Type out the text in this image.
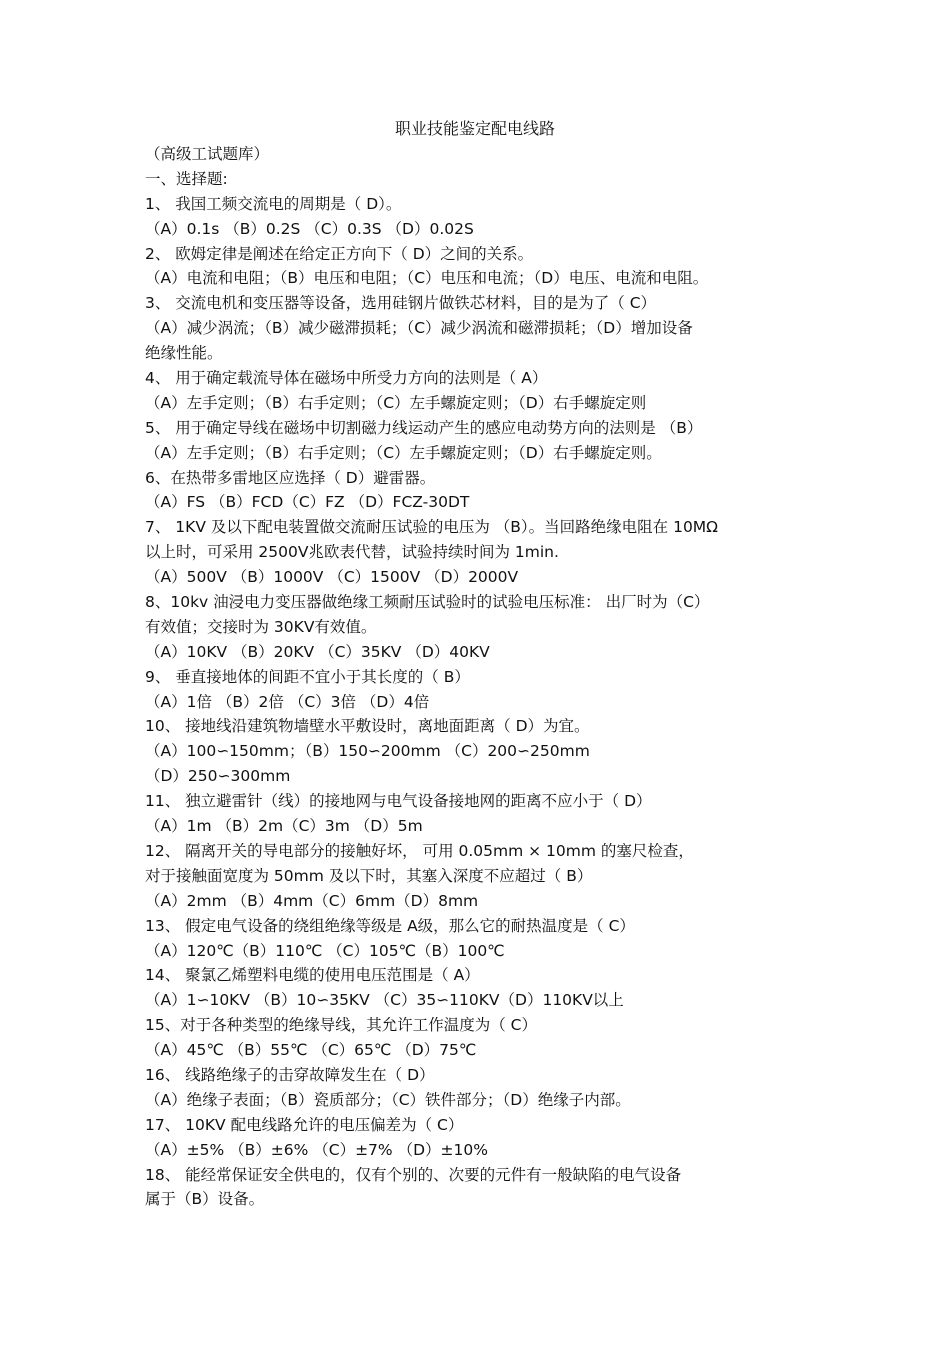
职业技能鉴定配电线路
（高级工试题库）
一、选择题:
1、 我国工频交流电的周期是（ D）。
（A）0.1s （B）0.2S （C）0.3S （D）0.02S
2、 欧姆定律是阐述在给定正方向下（ D）之间的关系。
（A）电流和电阻；（B）电压和电阻；（C）电压和电流；（D）电压、电流和电阻。
3、 交流电机和变压器等设备，选用硅钢片做铁芯材料，目的是为了（ C）
（A）减少涡流；（B）减少磁滞损耗；（C）减少涡流和磁滞损耗；（D）增加设备
绝缘性能。
4、 用于确定载流导体在磁场中所受力方向的法则是（ A）
（A）左手定则；（B）右手定则；（C）左手螺旋定则；（D）右手螺旋定则
5、 用于确定导线在磁场中切割磁力线运动产生的感应电动势方向的法则是 （B）
（A）左手定则；（B）右手定则；（C）左手螺旋定则；（D）右手螺旋定则。
6、在热带多雷地区应选择（ D）避雷器。
（A）FS （B）FCD（C）FZ （D）FCZ-30DT
7、 1KV 及以下配电装置做交流耐压试验的电压为 （B）。当回路绝缘电阻在 10MΩ
以上时，可采用 2500V兆欧表代替，试验持续时间为 1min.
（A）500V （B）1000V （C）1500V （D）2000V
8、10kv 油浸电力变压器做绝缘工频耐压试验时的试验电压标准： 出厂时为（C）
有效值；交接时为 30KV有效值。
（A）10KV （B）20KV （C）35KV （D）40KV
9、 垂直接地体的间距不宜小于其长度的（ B）
（A）1倍 （B）2倍 （C）3倍 （D）4倍
10、 接地线沿建筑物墙壁水平敷设时，离地面距离（ D）为宜。
（A）100∽150mm；（B）150∽200mm （C）200∽250mm
（D）250∽300mm
11、 独立避雷针（线）的接地网与电气设备接地网的距离不应小于（ D）
（A）1m （B）2m（C）3m （D）5m
12、 隔离开关的导电部分的接触好坏， 可用 0.05mm × 10mm 的塞尺检查，
对于接触面宽度为 50mm 及以下时，其塞入深度不应超过（ B）
（A）2mm （B）4mm（C）6mm（D）8mm
13、 假定电气设备的绕组绝缘等级是 A级，那么它的耐热温度是（ C）
（A）120℃（B）110℃ （C）105℃（B）100℃
14、 聚氯乙烯塑料电缆的使用电压范围是（ A）
（A）1∽10KV （B）10∽35KV （C）35∽110KV（D）110KV以上
15、对于各种类型的绝缘导线，其允许工作温度为（ C）
（A）45℃ （B）55℃ （C）65℃ （D）75℃
16、 线路绝缘子的击穿故障发生在（ D）
（A）绝缘子表面；（B）瓷质部分；（C）铁件部分；（D）绝缘子内部。
17、 10KV 配电线路允许的电压偏差为（ C）
（A）±5% （B）±6% （C）±7% （D）±10%
18、 能经常保证安全供电的，仅有个别的、次要的元件有一般缺陷的电气设备
属于（B）设备。
